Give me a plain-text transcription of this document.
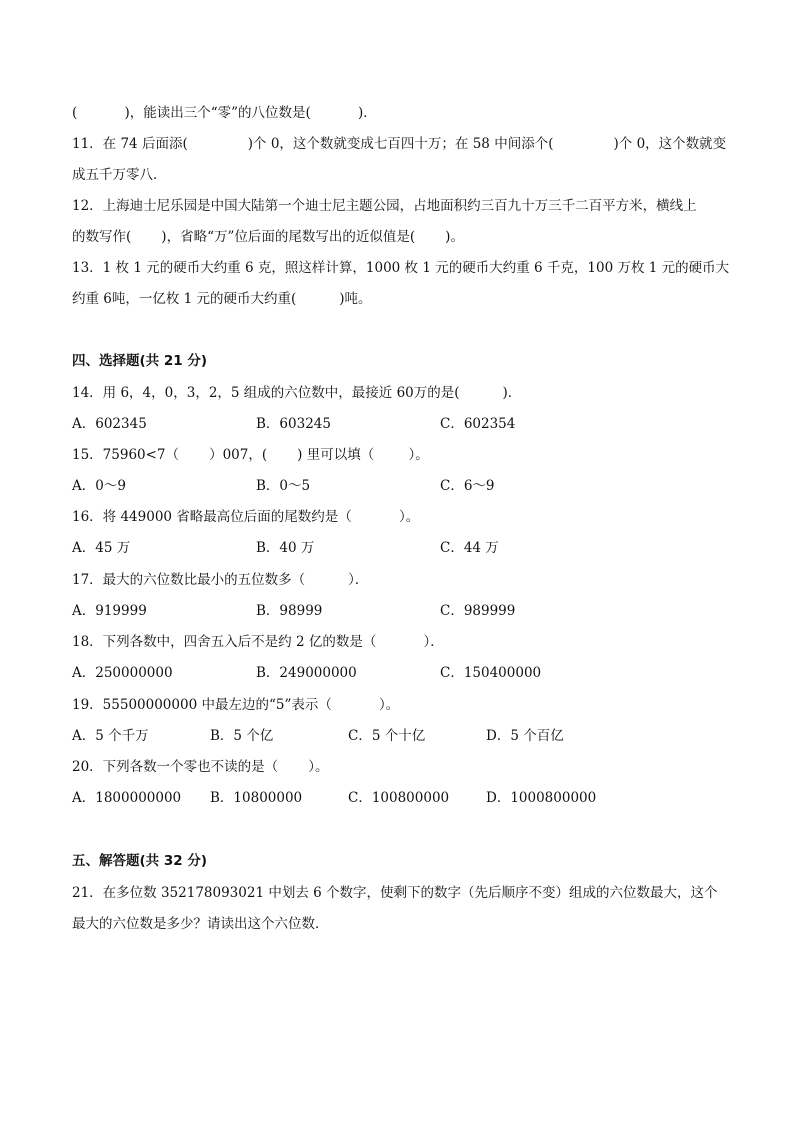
(           )，能读出三个“零”的八位数是(           )．
11．在 74 后面添(              )个 0，这个数就变成七百四十万；在 58 中间添个(              )个 0，这个数就变
成五千万零八．
12．上海迪士尼乐园是中国大陆第一个迪士尼主题公园，占地面积约三百九十万三千二百平方米，横线上
的数写作(       )，省略“万”位后面的尾数写出的近似值是(       )。
13．1 枚 1 元的硬币大约重 6 克，照这样计算，1000 枚 1 元的硬币大约重 6 千克，100 万枚 1 元的硬币大
约重 6吨，一亿枚 1 元的硬币大约重(          )吨。
四、选择题(共 21 分)
14．用 6，4，0，3，2，5 组成的六位数中，最接近 60万的是(          )．
A．602345	B．603245	C．602354
15．75960<7（       ）007，(       ) 里可以填（        ）。
A．0～9	B．0～5	C．6～9
16．将 449000 省略最高位后面的尾数约是（           ）。
A．45 万	B．40 万	C．44 万
17．最大的六位数比最小的五位数多（          ）．
A．919999	B．98999	C．989999
18．下列各数中，四舍五入后不是约 2 亿的数是（           ）．
A．250000000	B．249000000	C．150400000
19．55500000000 中最左边的“5”表示（           ）。
A．5 个千万	B．5 个亿	C．5 个十亿	D．5 个百亿
20．下列各数一个零也不读的是（       ）。
A．1800000000 B．10800000	C．100800000	D．1000800000
五、解答题(共 32 分)
21．在多位数 352178093021 中划去 6 个数字，使剩下的数字（先后顺序不变）组成的六位数最大，这个
最大的六位数是多少？请读出这个六位数．
